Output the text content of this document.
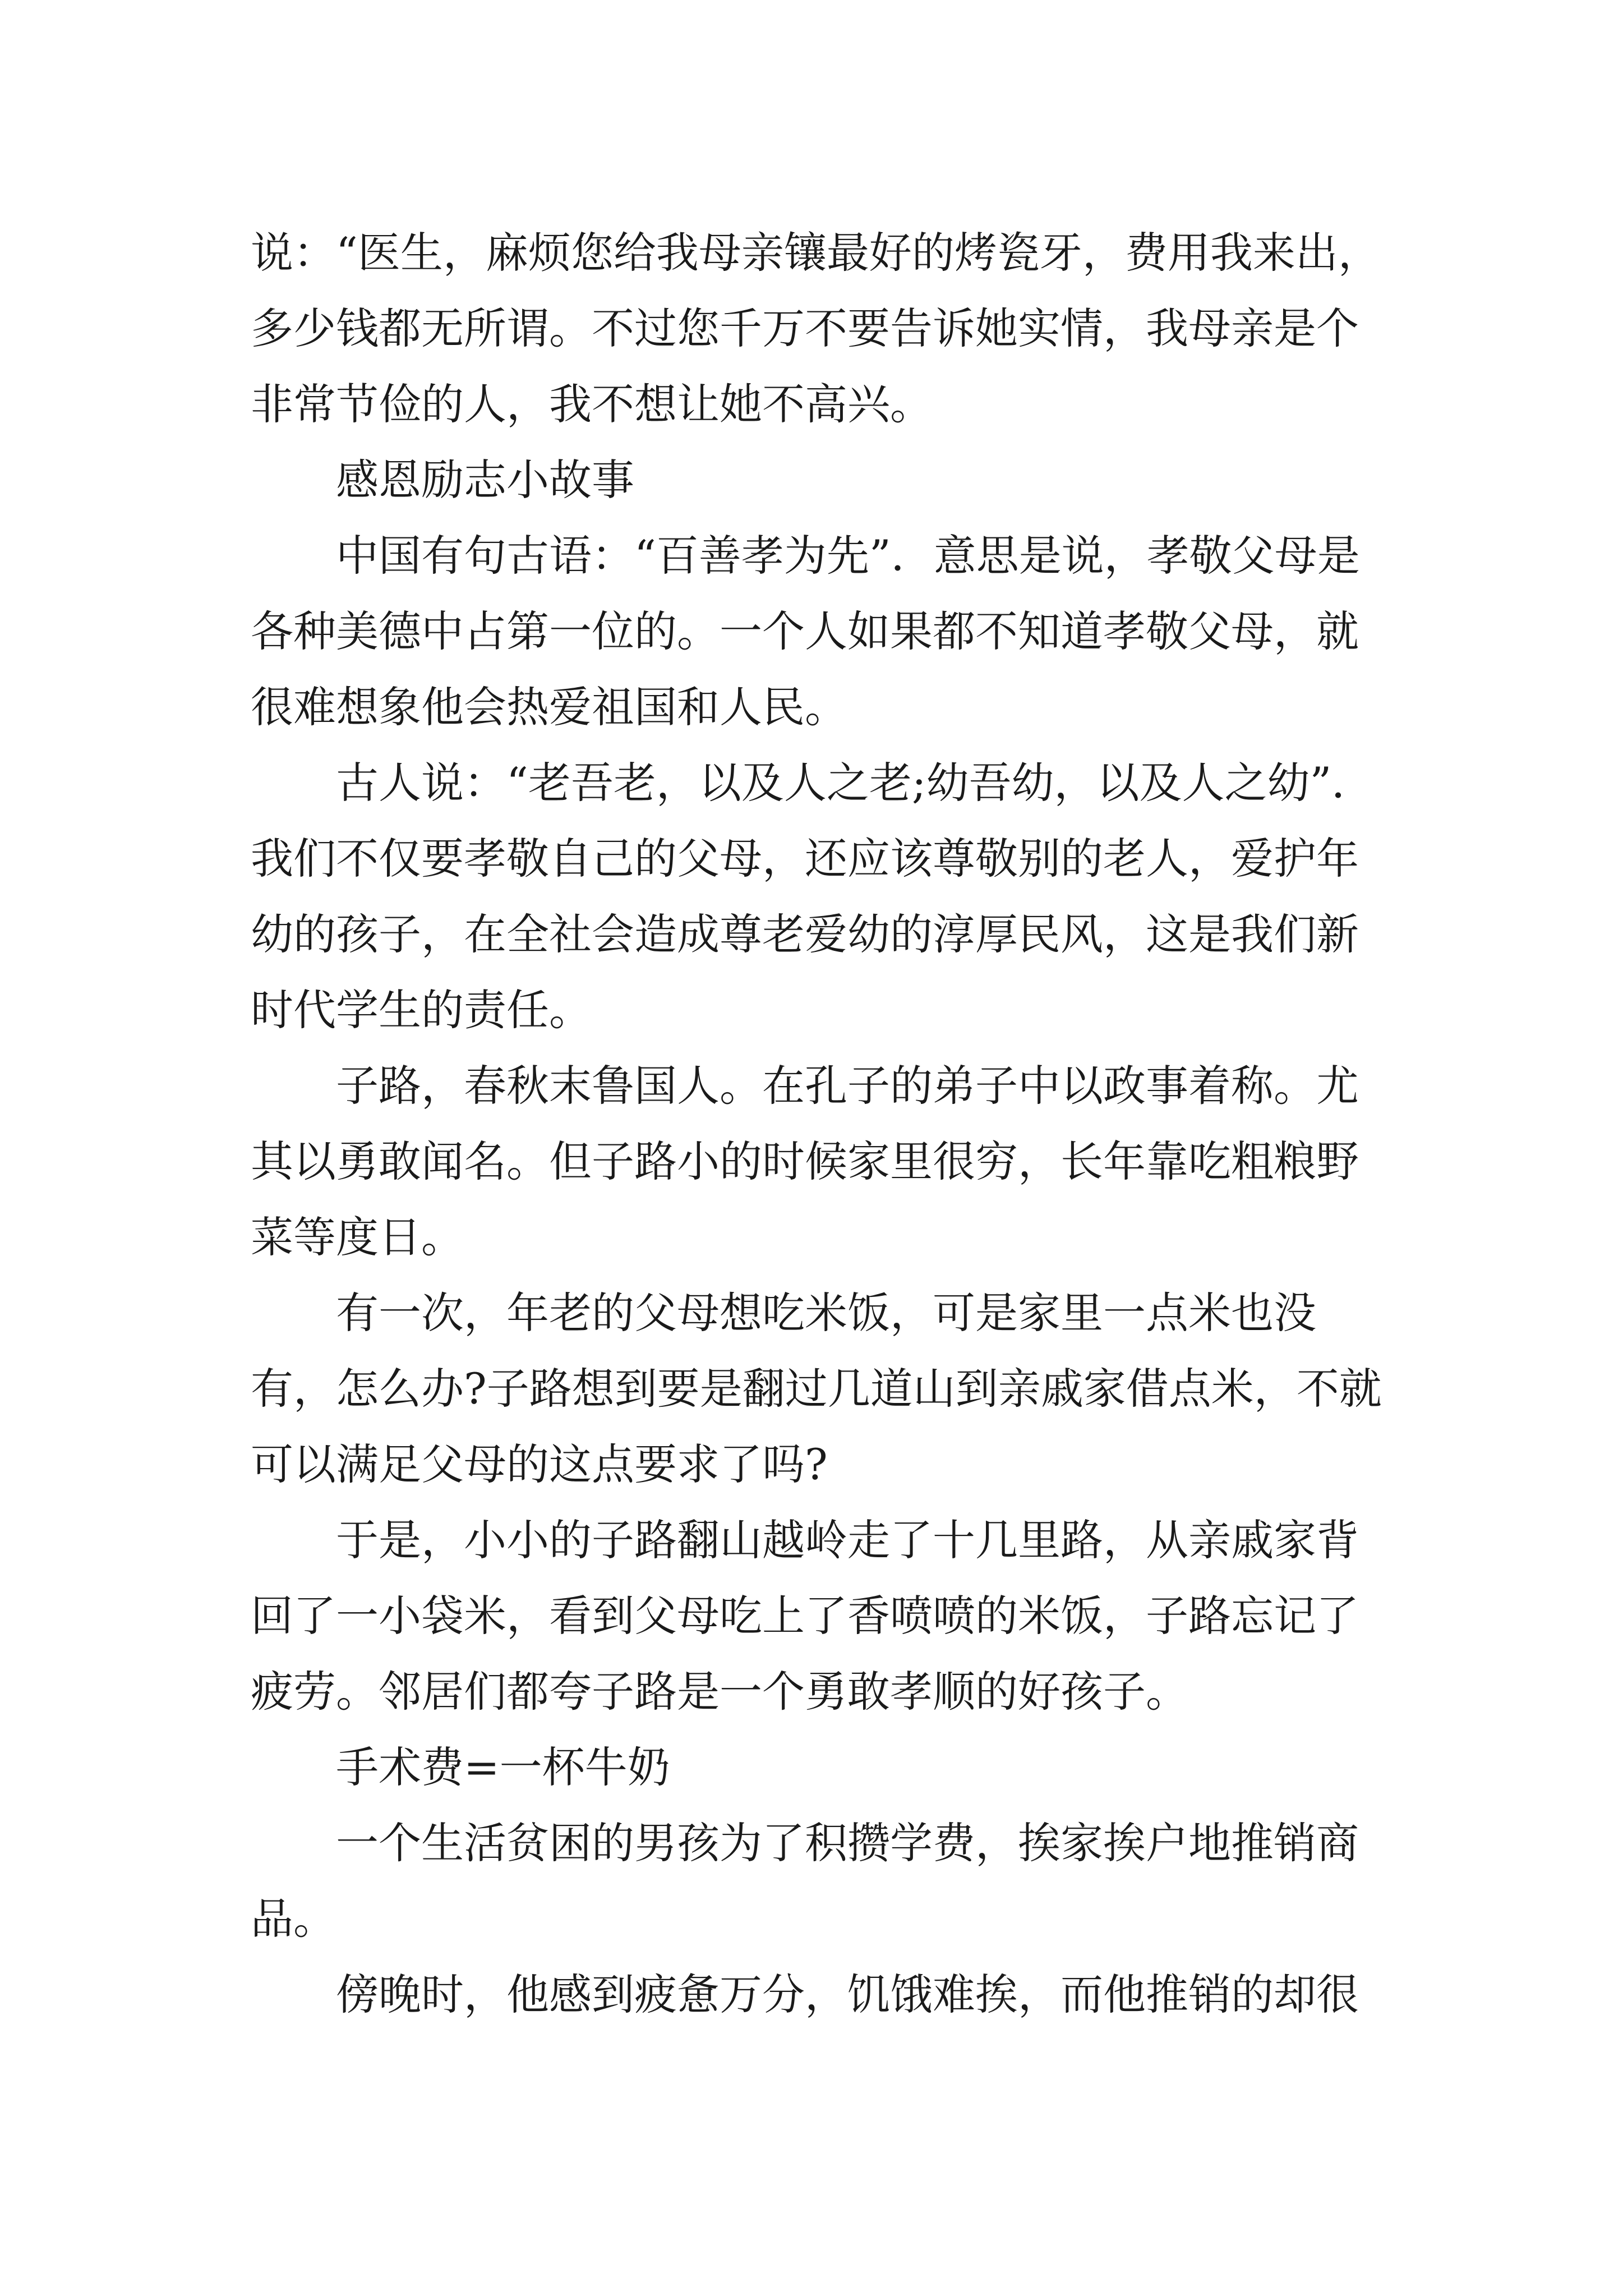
说：“医生，麻烦您给我母亲镶最好的烤瓷牙，费用我来出，多少钱都无所谓。不过您千万不要告诉她实情，我母亲是个非常节俭的人，我不想让她不高兴。

感恩励志小故事

中国有句古语：“百善孝为先”．意思是说，孝敬父母是各种美德中占第一位的。一个人如果都不知道孝敬父母，就很难想象他会热爱祖国和人民。

古人说：“老吾老，以及人之老;幼吾幼，以及人之幼”．我们不仅要孝敬自己的父母，还应该尊敬别的老人，爱护年幼的孩子，在全社会造成尊老爱幼的淳厚民风，这是我们新时代学生的责任。

子路，春秋末鲁国人。在孔子的弟子中以政事着称。尤其以勇敢闻名。但子路小的时候家里很穷，长年靠吃粗粮野菜等度日。

有一次，年老的父母想吃米饭，可是家里一点米也没有，怎么办?子路想到要是翻过几道山到亲戚家借点米，不就可以满足父母的这点要求了吗?

于是，小小的子路翻山越岭走了十几里路，从亲戚家背回了一小袋米，看到父母吃上了香喷喷的米饭，子路忘记了疲劳。邻居们都夸子路是一个勇敢孝顺的好孩子。

手术费=一杯牛奶

一个生活贫困的男孩为了积攒学费，挨家挨户地推销商品。

傍晚时，他感到疲惫万分，饥饿难挨，而他推销的却很
